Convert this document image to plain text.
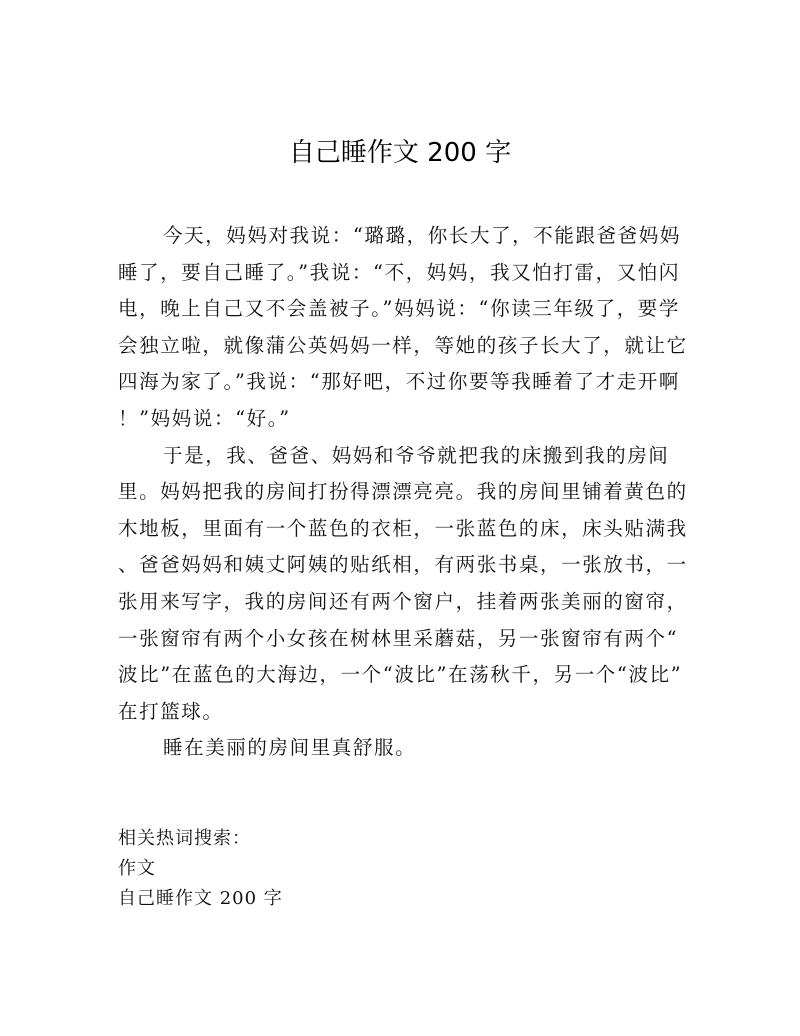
自己睡作文 200 字
今天，妈妈对我说：“璐璐，你长大了，不能跟爸爸妈妈
睡了，要自己睡了。”我说：“不，妈妈，我又怕打雷，又怕闪
电，晚上自己又不会盖被子。”妈妈说：“你读三年级了，要学
会独立啦，就像蒲公英妈妈一样，等她的孩子长大了，就让它
四海为家了。”我说：“那好吧，不过你要等我睡着了才走开啊
！”妈妈说：“好。”
于是，我、爸爸、妈妈和爷爷就把我的床搬到我的房间
里。妈妈把我的房间打扮得漂漂亮亮。我的房间里铺着黄色的
木地板，里面有一个蓝色的衣柜，一张蓝色的床，床头贴满我
、爸爸妈妈和姨丈阿姨的贴纸相，有两张书桌，一张放书，一
张用来写字，我的房间还有两个窗户，挂着两张美丽的窗帘，
一张窗帘有两个小女孩在树林里采蘑菇，另一张窗帘有两个“
波比”在蓝色的大海边，一个“波比”在荡秋千，另一个“波比”
在打篮球。
睡在美丽的房间里真舒服。
相关热词搜索：
作文
自己睡作文 200 字
